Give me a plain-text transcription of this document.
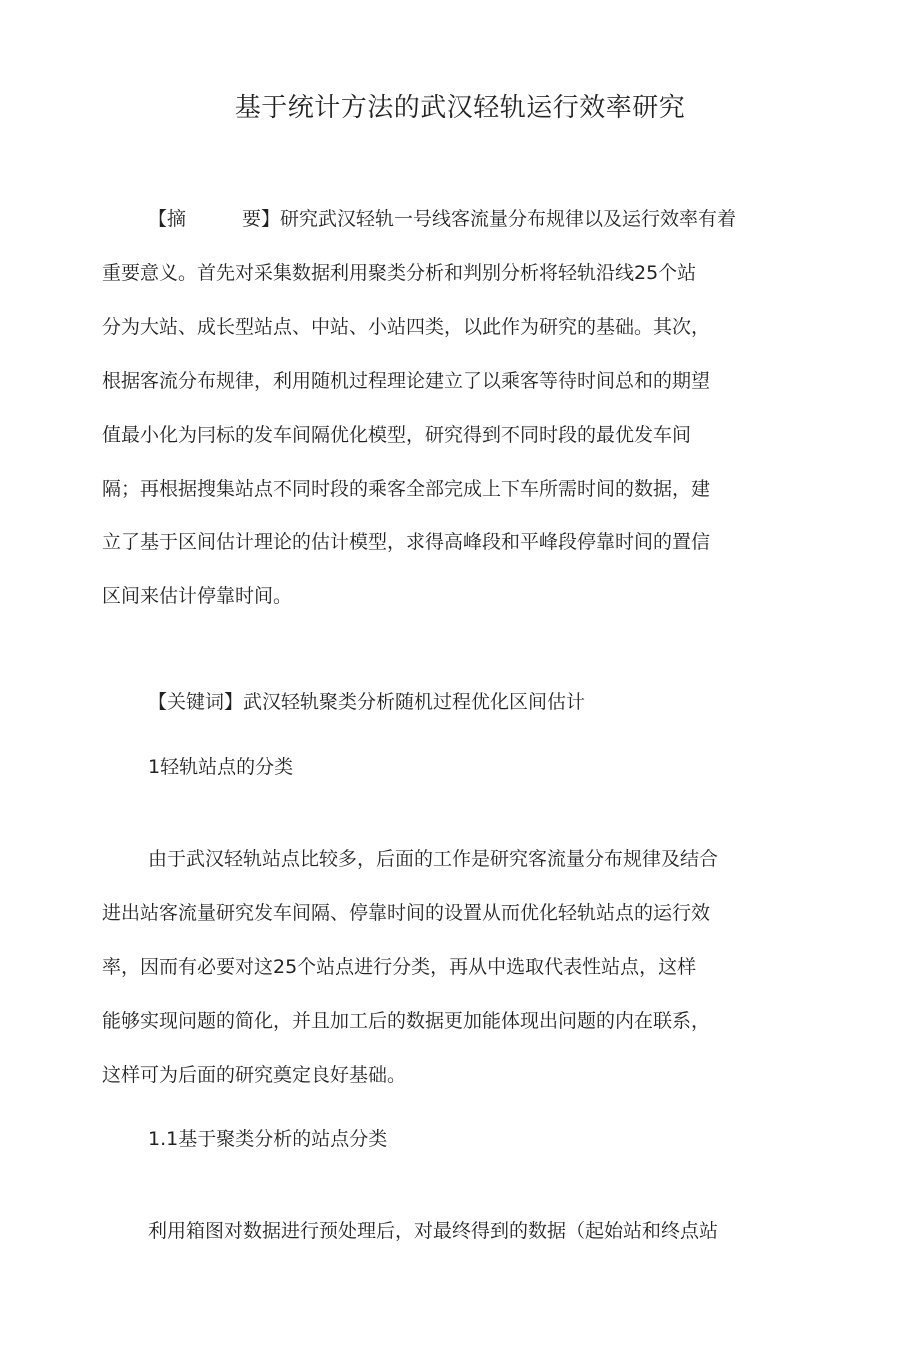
基于统计方法的武汉轻轨运行效率研究

【摘	要】研究武汉轻轨一号线客流量分布规律以及运行效率有着

重要意义。首先对采集数据利用聚类分析和判别分析将轻轨沿线25个站

分为大站、成长型站点、中站、小站四类，以此作为研究的基础。其次，

根据客流分布规律，利用随机过程理论建立了以乘客等待时间总和的期望

值最小化为冃标的发车间隔优化模型，研究得到不同时段的最优发车间

隔；再根据搜集站点不同时段的乘客全部完成上下车所需时间的数据，建

立了基于区间估计理论的估计模型，求得高峰段和平峰段停靠时间的置信

区间来估计停靠时间。

【关键词】武汉轻轨聚类分析随机过程优化区间估计

1轻轨站点的分类

由于武汉轻轨站点比较多，后面的工作是研究客流量分布规律及结合

进出站客流量研究发车间隔、停靠时间的设置从而优化轻轨站点的运行效

率，因而有必要对这25个站点进行分类，再从中选取代表性站点，这样

能够实现问题的简化，并且加工后的数据更加能体现出问题的内在联系，

这样可为后面的研究奠定良好基础。

1.1基于聚类分析的站点分类

利用箱图对数据进行预处理后，对最终得到的数据（起始站和终点站
